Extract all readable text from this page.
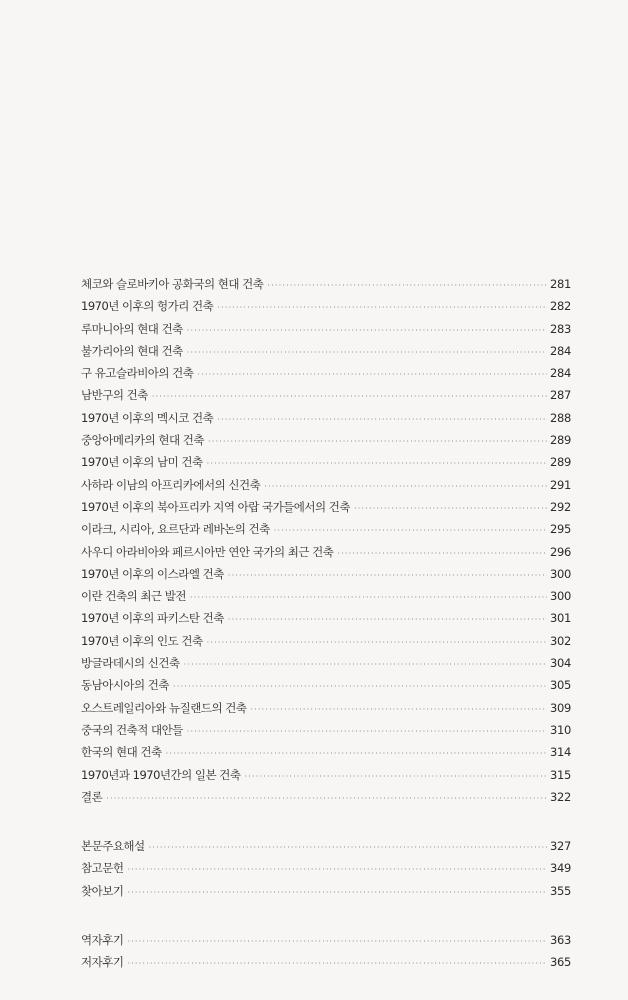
체코와 슬로바키아 공화국의 현대 건축 ·····	281
1970년 이후의 헝가리 건축 ·····	282
루마니아의 현대 건축 ·····	283
불가리아의 현대 건축 ·····	284
구 유고슬라비아의 건축 ·····	284
남반구의 건축 ·····	287
1970년 이후의 멕시코 건축 ·····	288
중앙아메리카의 현대 건축 ·····	289
1970년 이후의 남미 건축 ·····	289
사하라 이남의 아프리카에서의 신건축 ·····	291
1970년 이후의 북아프리카 지역 아랍 국가들에서의 건축 ·····	292
이라크, 시리아, 요르단과 레바논의 건축 ·····	295
사우디 아라비아와 페르시아만 연안 국가의 최근 건축 ·····	296
1970년 이후의 이스라엘 건축 ·····	300
이란 건축의 최근 발전 ·····	300
1970년 이후의 파키스탄 건축 ·····	301
1970년 이후의 인도 건축 ·····	302
방글라데시의 신건축 ·····	304
동남아시아의 건축 ·····	305
오스트레일리아와 뉴질랜드의 건축 ·····	309
중국의 건축적 대안들 ·····	310
한국의 현대 건축 ·····	314
1970년과 1970년간의 일본 건축 ·····	315
결론 ·····	322
본문주요해설 ·····	327
참고문헌 ·····	349
찾아보기 ·····	355
역자후기 ·····	363
저자후기 ·····	365
